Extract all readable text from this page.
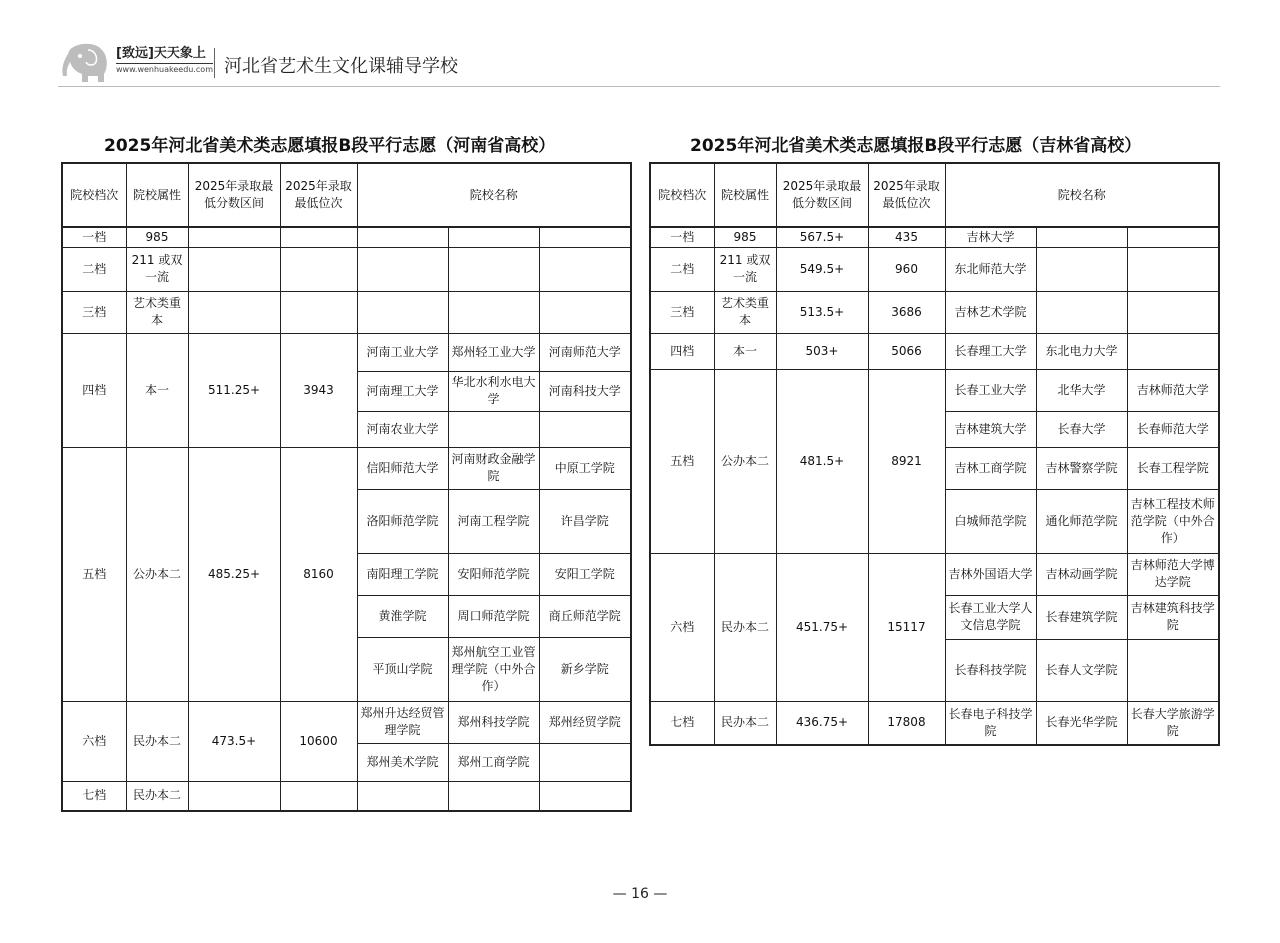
[致远]天天象上
www.wenhuakeedu.com 河北省艺术生文化课辅导学校
2025年河北省美术类志愿填报B段平行志愿（河南省高校）
院校档次	院校属性	2025年录取最低分数区间	2025年录取最低位次	院校名称		
一档	985					
二档	211 或双一流					
三档	艺术类重本					
四档	本一	511.25+	3943	河南工业大学	郑州轻工业大学	河南师范大学
				河南理工大学	华北水利水电大学	河南科技大学
				河南农业大学		
五档	公办本二	485.25+	8160	信阳师范大学	河南财政金融学院	中原工学院
				洛阳师范学院	河南工程学院	许昌学院
				南阳理工学院	安阳师范学院	安阳工学院
				黄淮学院	周口师范学院	商丘师范学院
				平顶山学院	郑州航空工业管理学院（中外合作）	新乡学院
六档	民办本二	473.5+	10600	郑州升达经贸管理学院	郑州科技学院	郑州经贸学院
				郑州美术学院	郑州工商学院	
七档	民办本二					
2025年河北省美术类志愿填报B段平行志愿（吉林省高校）
院校档次	院校属性	2025年录取最低分数区间	2025年录取最低位次	院校名称		
一档	985	567.5+	435	吉林大学		
二档	211 或双一流	549.5+	960	东北师范大学		
三档	艺术类重本	513.5+	3686	吉林艺术学院		
四档	本一	503+	5066	长春理工大学	东北电力大学	
五档	公办本二	481.5+	8921	长春工业大学	北华大学	吉林师范大学
				吉林建筑大学	长春大学	长春师范大学
				吉林工商学院	吉林警察学院	长春工程学院
				白城师范学院	通化师范学院	吉林工程技术师范学院（中外合作）
六档	民办本二	451.75+	15117	吉林外国语大学	吉林动画学院	吉林师范大学博达学院
				长春工业大学人文信息学院	长春建筑学院	吉林建筑科技学院
				长春科技学院	长春人文学院	
七档	民办本二	436.75+	17808	长春电子科技学院	长春光华学院	长春大学旅游学院
— 16 —
